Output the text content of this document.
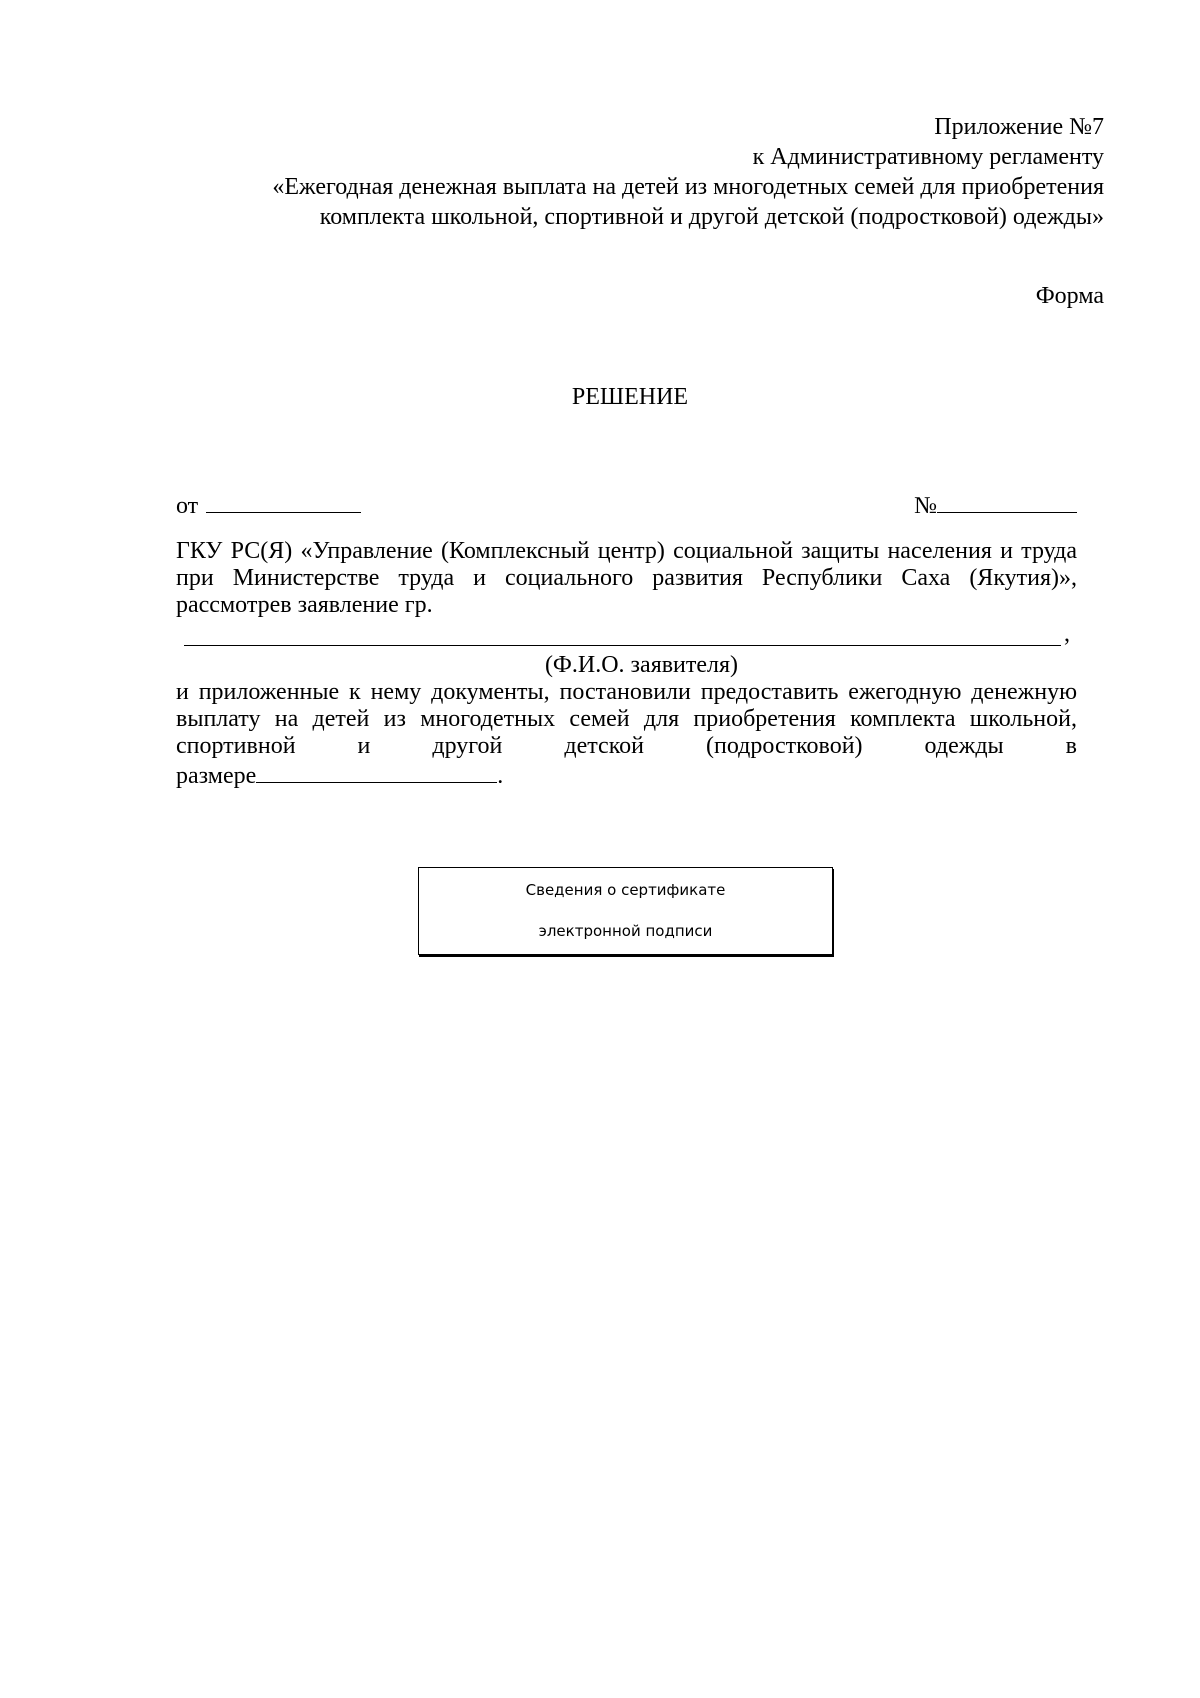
Приложение №7
к Административному регламенту
«Ежегодная денежная выплата на детей из многодетных семей для приобретения
комплекта школьной, спортивной и другой детской (подростковой) одежды»
Форма
РЕШЕНИЕ
от	№
ГКУ РС(Я) «Управление (Комплексный центр) социальной защиты населения и труда
при Министерстве труда и социального развития Республики Саха (Якутия)»,
рассмотрев заявление гр.
,
(Ф.И.О. заявителя)
и приложенные к нему документы, постановили предоставить ежегодную денежную
выплату на детей из многодетных семей для приобретения комплекта школьной,
спортивной и другой детской (подростковой) одежды в
размере	.
Сведения о сертификате
электронной подписи
